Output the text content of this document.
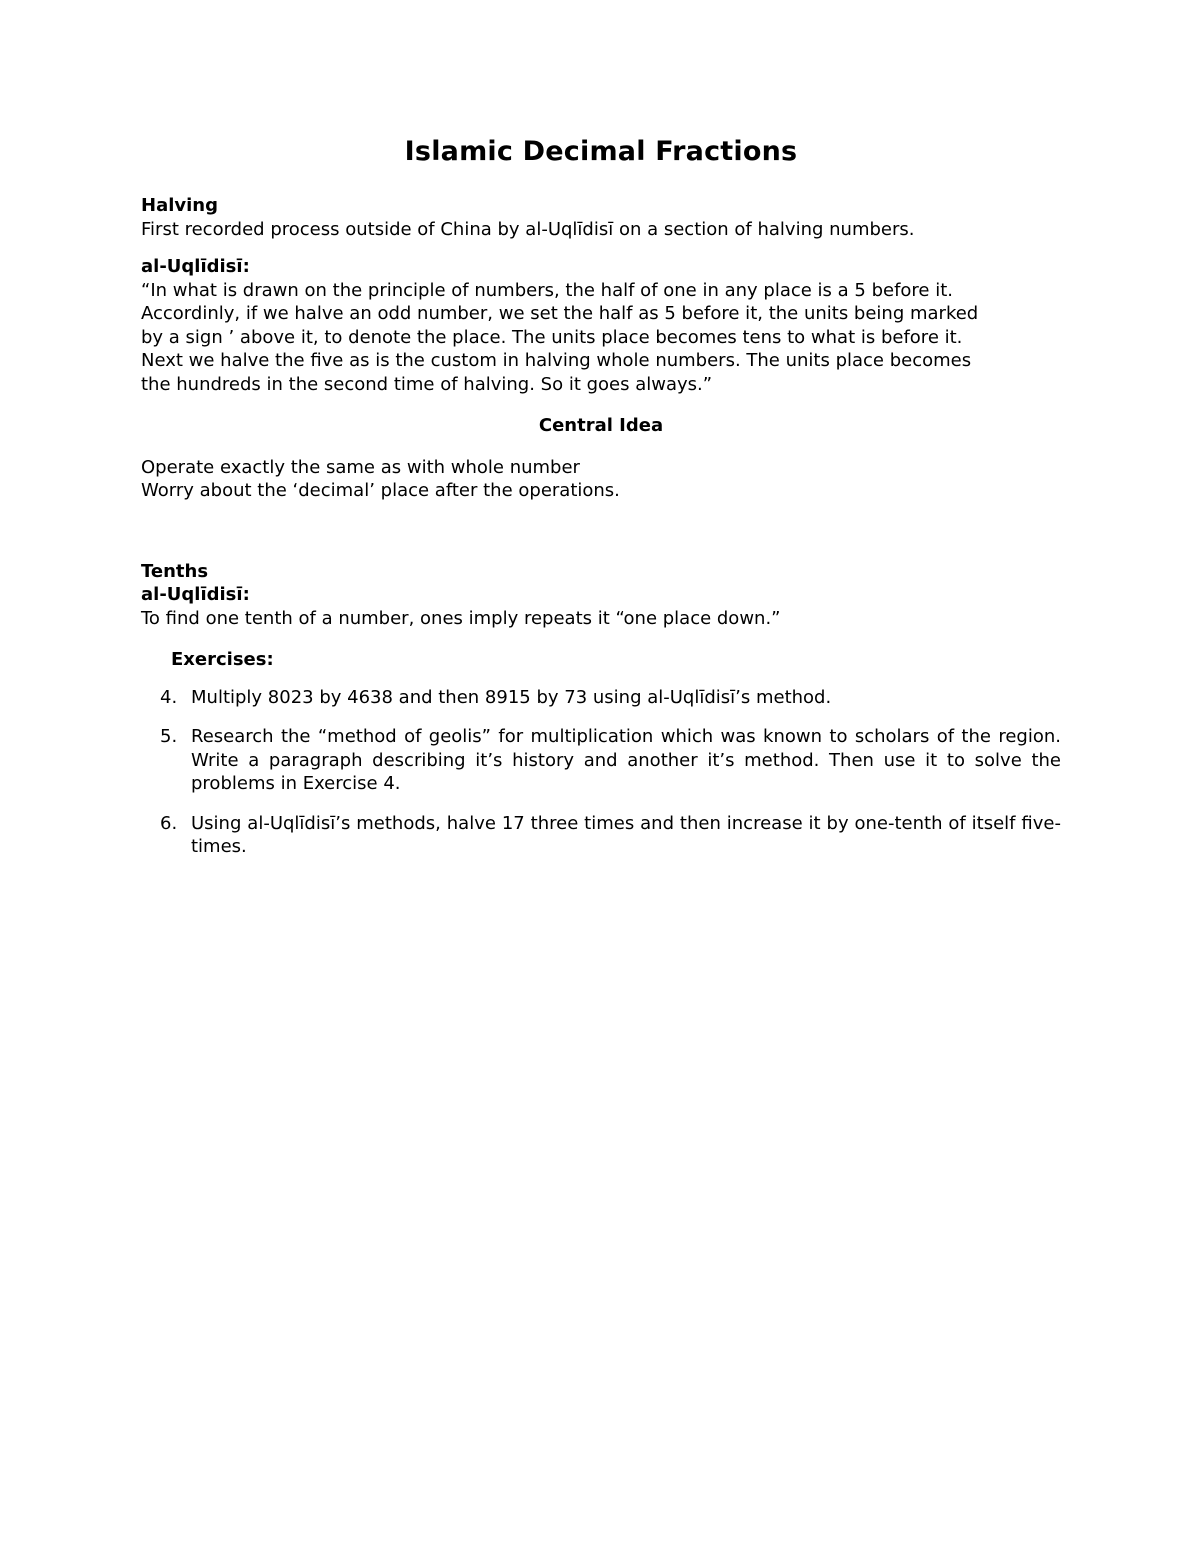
Islamic Decimal Fractions

Halving

First recorded process outside of China by al-Uqlīdisī on a section of halving numbers.

al-Uqlīdisī:

“In what is drawn on the principle of numbers, the half of one in any place is a 5 before it.

Accordinly, if we halve an odd number, we set the half as 5 before it, the units being marked

by a sign ’ above it, to denote the place. The units place becomes tens to what is before it.

Next we halve the five as is the custom in halving whole numbers. The units place becomes

the hundreds in the second time of halving. So it goes always.”

Central Idea

Operate exactly the same as with whole number

Worry about the ‘decimal’ place after the operations.

Tenths

al-Uqlīdisī:

To find one tenth of a number, ones imply repeats it “one place down.”

Exercises:

4. Multiply 8023 by 4638 and then 8915 by 73 using al-Uqlīdisī’s method.
5. Research the “method of geolis” for multiplication which was known to scholars of the region. Write a paragraph describing it’s history and another it’s method. Then use it to solve the problems in Exercise 4.
6. Using al-Uqlīdisī’s methods, halve 17 three times and then increase it by one-tenth of itself five-times.
